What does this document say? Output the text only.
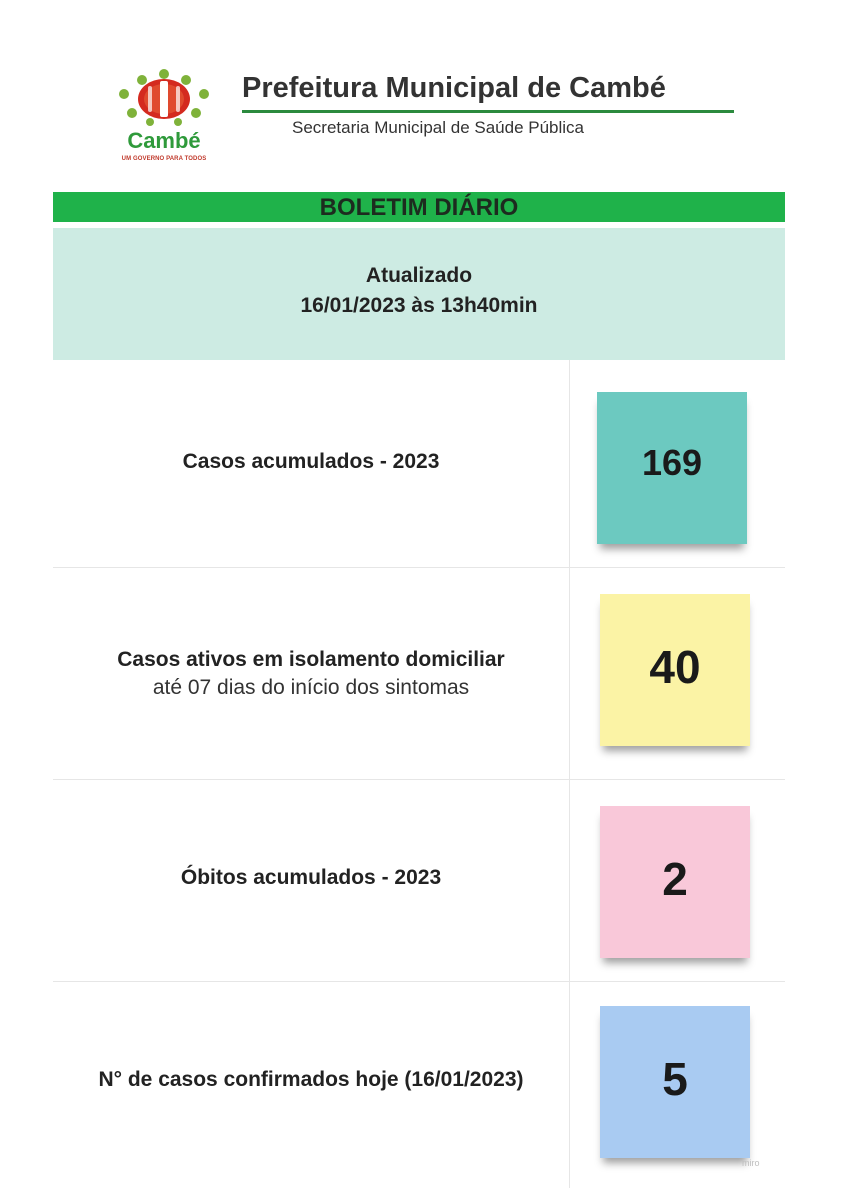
Cambé
UM GOVERNO PARA TODOS
Prefeitura Municipal de Cambé
Secretaria Municipal de Saúde Pública
BOLETIM DIÁRIO
Atualizado
16/01/2023 às 13h40min
Casos acumulados - 2023	169
Casos ativos em isolamento domiciliar
até 07 dias do início dos sintomas	40
Óbitos acumulados - 2023	2
N° de casos confirmados hoje (16/01/2023)	5
miro
